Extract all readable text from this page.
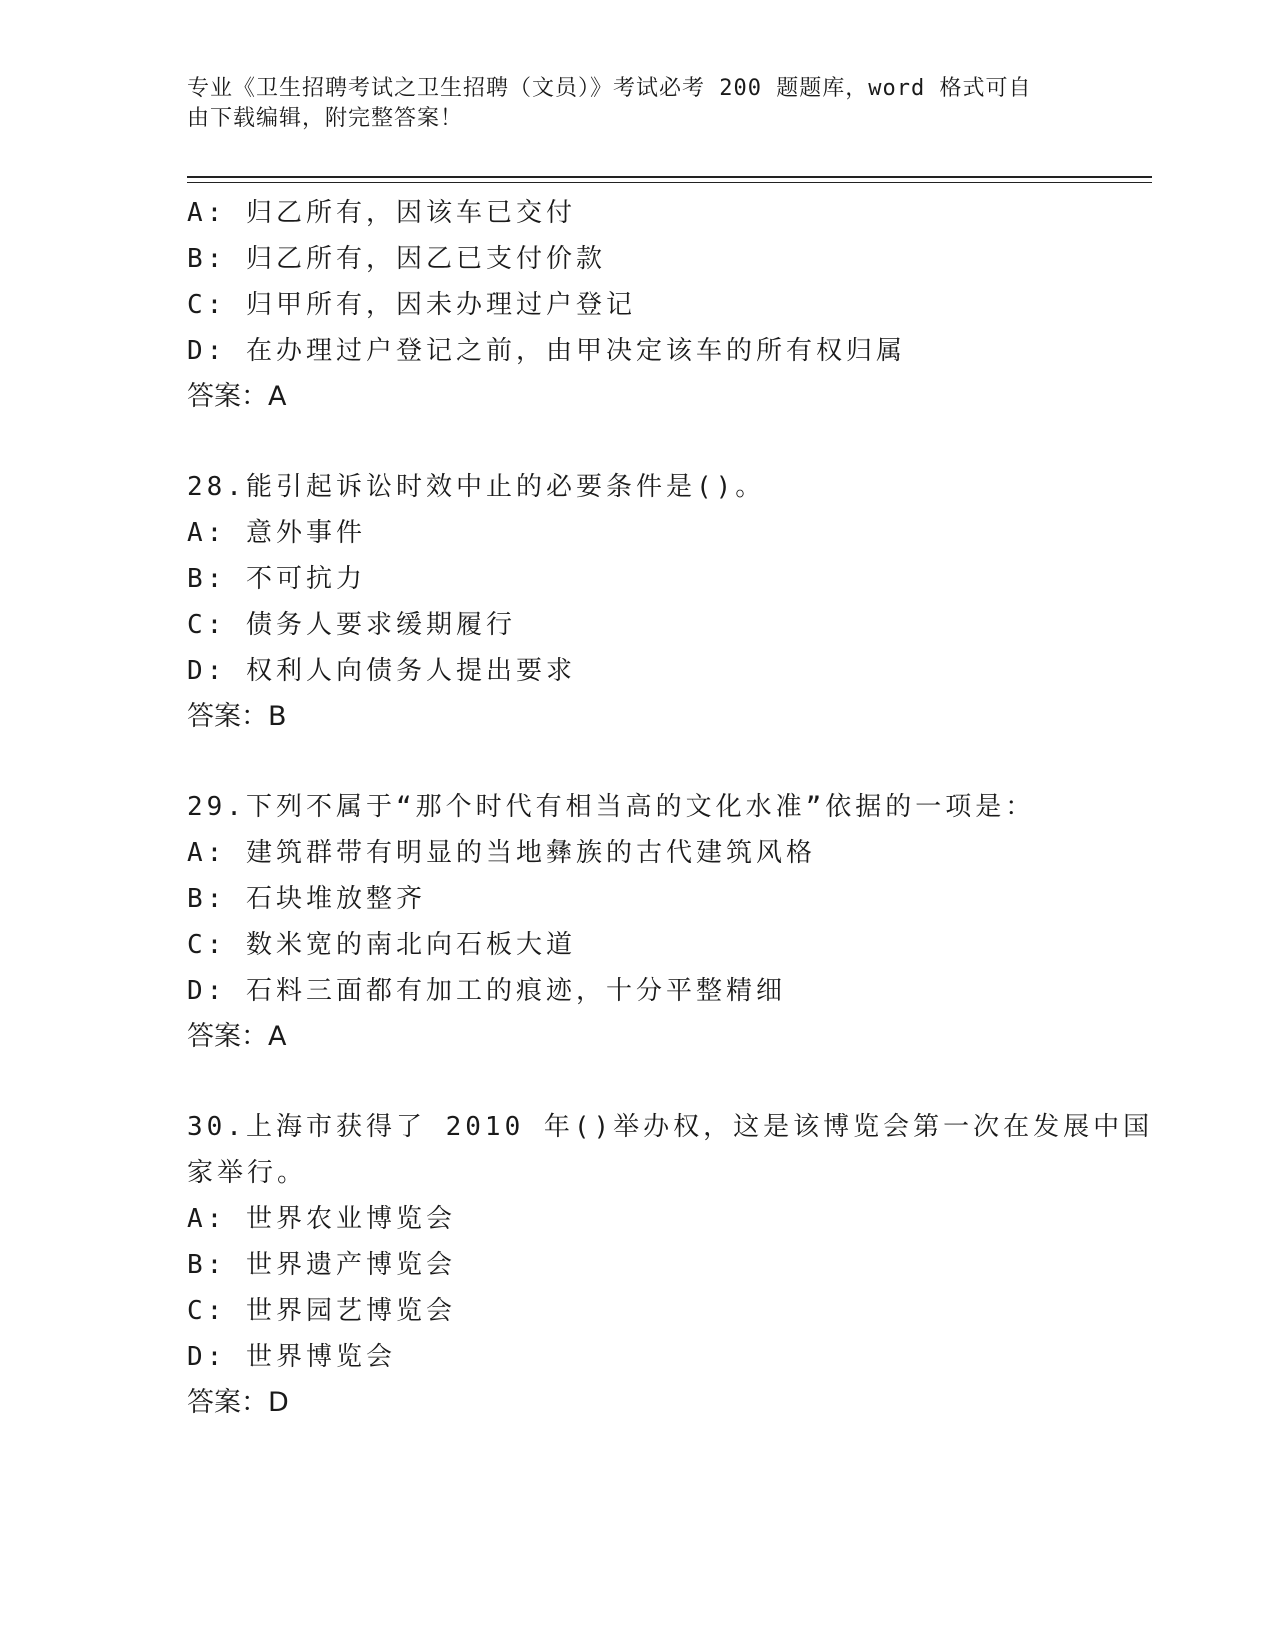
专业《卫生招聘考试之卫生招聘（文员）》考试必考 200 题题库，word 格式可自
由下载编辑，附完整答案！
A: 归乙所有，因该车已交付
B: 归乙所有，因乙已支付价款
C: 归甲所有，因未办理过户登记
D: 在办理过户登记之前，由甲决定该车的所有权归属
答案：A
28.能引起诉讼时效中止的必要条件是()。
A: 意外事件
B: 不可抗力
C: 债务人要求缓期履行
D: 权利人向债务人提出要求
答案：B
29.下列不属于“那个时代有相当高的文化水准”依据的一项是：
A: 建筑群带有明显的当地彝族的古代建筑风格
B: 石块堆放整齐
C: 数米宽的南北向石板大道
D: 石料三面都有加工的痕迹，十分平整精细
答案：A
30.上海市获得了 2010 年()举办权，这是该博览会第一次在发展中国
家举行。
A: 世界农业博览会
B: 世界遗产博览会
C: 世界园艺博览会
D: 世界博览会
答案：D
